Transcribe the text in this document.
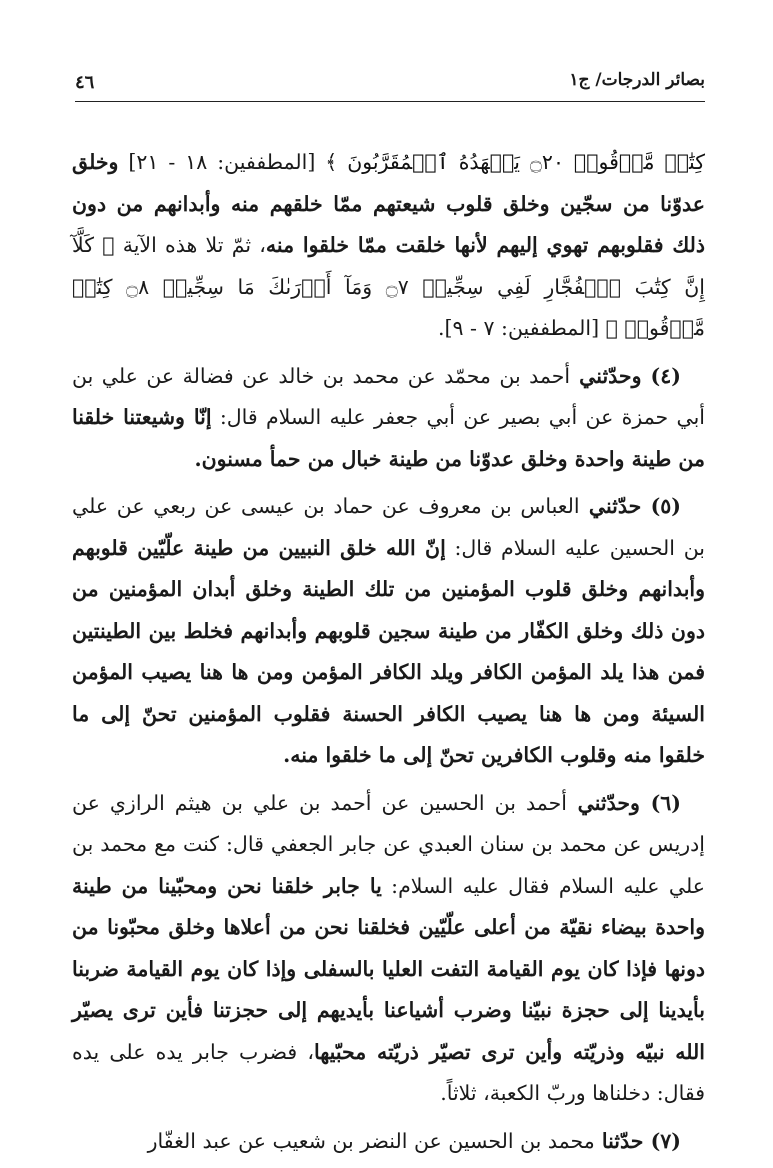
بصائر الدرجات/ ج١
٤٦

كِتَٰبٞ مَّرۡقُومٞ ۝٢٠ يَشۡهَدُهُ ٱلۡمُقَرَّبُونَ ﴾ [المطففين: ١٨ - ٢١] وخلق عدوّنا من سجّين وخلق قلوب شيعتهم ممّا خلقهم منه وأبدانهم من دون ذلك فقلوبهم تهوي إليهم لأنها خلقت ممّا خلقوا منه، ثمّ تلا هذه الآية ﴿ كَلَّآ إِنَّ كِتَٰبَ ٱلۡفُجَّارِ لَفِي سِجِّينٖ ۝٧ وَمَآ أَدۡرَىٰكَ مَا سِجِّينٞ ۝٨ كِتَٰبٞ مَّرۡقُومٞ ﴾ [المطففين: ٧ - ٩].

(٤) وحدّثني أحمد بن محمّد عن محمد بن خالد عن فضالة عن علي بن أبي حمزة عن أبي بصير عن أبي جعفر عليه السلام قال: إنّا وشيعتنا خلقنا من طينة واحدة وخلق عدوّنا من طينة خبال من حمأ مسنون.

(٥) حدّثني العباس بن معروف عن حماد بن عيسى عن ربعي عن علي بن الحسين عليه السلام قال: إنّ الله خلق النبيين من طينة علّيّين قلوبهم وأبدانهم وخلق قلوب المؤمنين من تلك الطينة وخلق أبدان المؤمنين من دون ذلك وخلق الكفّار من طينة سجين قلوبهم وأبدانهم فخلط بين الطينتين فمن هذا يلد المؤمن الكافر ويلد الكافر المؤمن ومن ها هنا يصيب المؤمن السيئة ومن ها هنا يصيب الكافر الحسنة فقلوب المؤمنين تحنّ إلى ما خلقوا منه وقلوب الكافرين تحنّ إلى ما خلقوا منه.

(٦) وحدّثني أحمد بن الحسين عن أحمد بن علي بن هيثم الرازي عن إدريس عن محمد بن سنان العبدي عن جابر الجعفي قال: كنت مع محمد بن علي عليه السلام فقال عليه السلام: يا جابر خلقنا نحن ومحبّينا من طينة واحدة بيضاء نقيّة من أعلى علّيّين فخلقنا نحن من أعلاها وخلق محبّونا من دونها فإذا كان يوم القيامة التفت العليا بالسفلى وإذا كان يوم القيامة ضربنا بأيدينا إلى حجزة نبيّنا وضرب أشياعنا بأيديهم إلى حجزتنا فأين ترى يصيّر الله نبيّه وذريّته وأين ترى تصيّر ذريّته محبّيها، فضرب جابر يده على يده فقال: دخلناها وربّ الكعبة، ثلاثاً.

(٧) حدّثنا محمد بن الحسين عن النضر بن شعيب عن عبد الغفّار
